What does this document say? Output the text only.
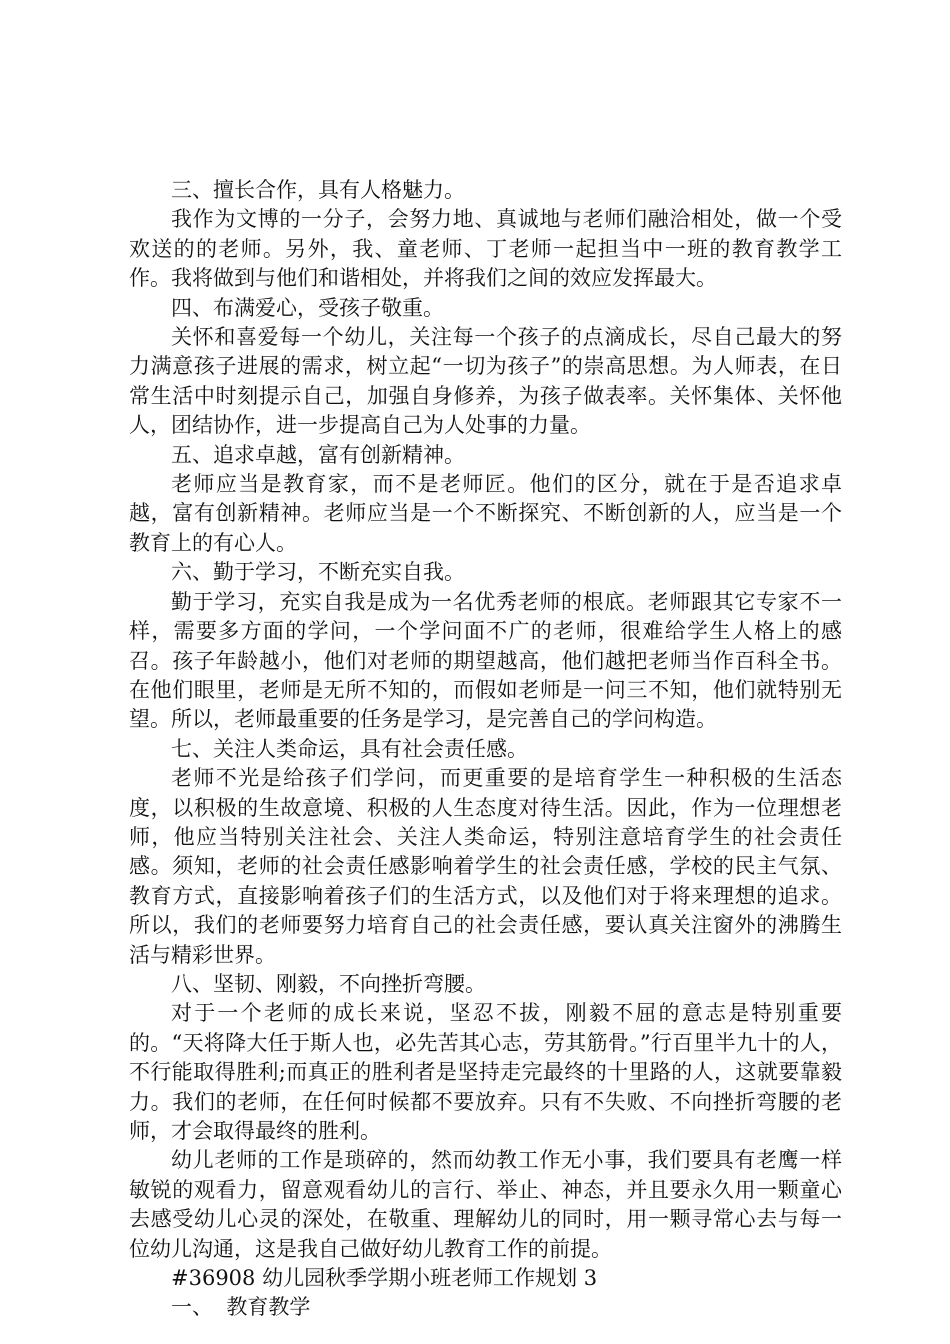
三、擅长合作，具有人格魅力。

我作为文博的一分子，会努力地、真诚地与老师们融洽相处，做一个受欢送的的老师。另外，我、童老师、丁老师一起担当中一班的教育教学工作。我将做到与他们和谐相处，并将我们之间的效应发挥最大。

四、布满爱心，受孩子敬重。

关怀和喜爱每一个幼儿，关注每一个孩子的点滴成长，尽自己最大的努力满意孩子进展的需求，树立起“一切为孩子”的崇高思想。为人师表，在日常生活中时刻提示自己，加强自身修养，为孩子做表率。关怀集体、关怀他人，团结协作，进一步提高自己为人处事的力量。

五、追求卓越，富有创新精神。

老师应当是教育家，而不是老师匠。他们的区分，就在于是否追求卓越，富有创新精神。老师应当是一个不断探究、不断创新的人，应当是一个教育上的有心人。

六、勤于学习，不断充实自我。

勤于学习，充实自我是成为一名优秀老师的根底。老师跟其它专家不一样，需要多方面的学问，一个学问面不广的老师，很难给学生人格上的感召。孩子年龄越小，他们对老师的期望越高，他们越把老师当作百科全书。在他们眼里，老师是无所不知的，而假如老师是一问三不知，他们就特别无望。所以，老师最重要的任务是学习，是完善自己的学问构造。

七、关注人类命运，具有社会责任感。

老师不光是给孩子们学问，而更重要的是培育学生一种积极的生活态度，以积极的生故意境、积极的人生态度对待生活。因此，作为一位理想老师，他应当特别关注社会、关注人类命运，特别注意培育学生的社会责任感。须知，老师的社会责任感影响着学生的社会责任感，学校的民主气氛、教育方式，直接影响着孩子们的生活方式，以及他们对于将来理想的追求。所以，我们的老师要努力培育自己的社会责任感，要认真关注窗外的沸腾生活与精彩世界。

八、坚韧、刚毅，不向挫折弯腰。

对于一个老师的成长来说，坚忍不拔，刚毅不屈的意志是特别重要的。“天将降大任于斯人也，必先苦其心志，劳其筋骨。”行百里半九十的人，不行能取得胜利;而真正的胜利者是坚持走完最终的十里路的人，这就要靠毅力。我们的老师，在任何时候都不要放弃。只有不失败、不向挫折弯腰的老师，才会取得最终的胜利。

幼儿老师的工作是琐碎的，然而幼教工作无小事，我们要具有老鹰一样敏锐的观看力，留意观看幼儿的言行、举止、神态，并且要永久用一颗童心去感受幼儿心灵的深处，在敬重、理解幼儿的同时，用一颗寻常心去与每一位幼儿沟通，这是我自己做好幼儿教育工作的前提。

#36908 幼儿园秋季学期小班老师工作规划 3

一、  教育教学
